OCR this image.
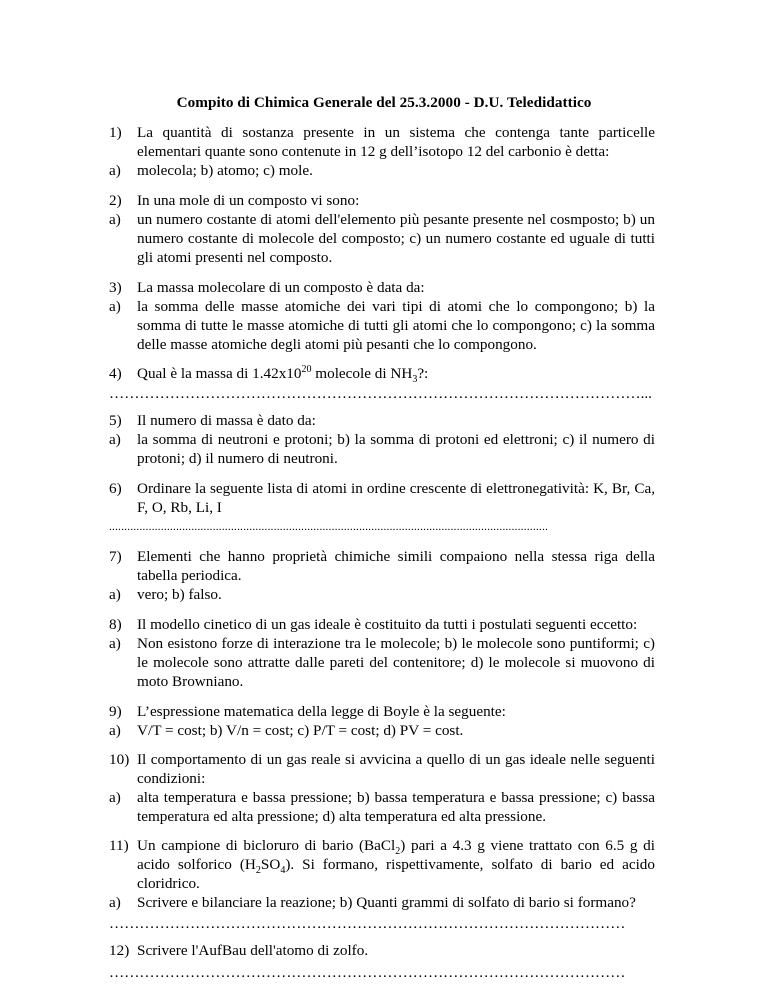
Compito di Chimica Generale del 25.3.2000 - D.U. Teledidattico
1) La quantità di sostanza presente in un sistema che contenga tante particelle elementari quante sono contenute in 12 g dell’isotopo 12 del carbonio è detta:
a) molecola; b) atomo; c) mole.
2) In una mole di un composto vi sono:
a) un numero costante di atomi dell'elemento più pesante presente nel cosmposto; b) un numero costante di molecole del composto; c) un numero costante ed uguale di tutti gli atomi presenti nel composto.
3) La massa molecolare di un composto è data da:
a) la somma delle masse atomiche dei vari tipi di atomi che lo compongono; b) la somma di tutte le masse atomiche di tutti gli atomi che lo compongono; c) la somma delle masse atomiche degli atomi più pesanti che lo compongono.
4) Qual è la massa di $1.42x10^{20}$ molecole di $NH_3$?:
……………………………………………………………………………………………...
5) Il numero di massa è dato da:
a) la somma di neutroni e protoni; b) la somma di protoni ed elettroni; c) il numero di protoni; d) il numero di neutroni.
6) Ordinare la seguente lista di atomi in ordine crescente di elettronegatività: K, Br, Ca, F, O, Rb, Li, I
................................................................................................................................................
7) Elementi che hanno proprietà chimiche simili compaiono nella stessa riga della tabella periodica.
a) vero; b) falso.
8) Il modello cinetico di un gas ideale è costituito da tutti i postulati seguenti eccetto:
a) Non esistono forze di interazione tra le molecole; b) le molecole sono puntiformi; c) le molecole sono attratte dalle pareti del contenitore; d) le molecole si muovono di moto Browniano.
9) L’espressione matematica della legge di Boyle è la seguente:
a) V/T = cost; b) V/n = cost; c) P/T = cost; d) PV = cost.
10) Il comportamento di un gas reale si avvicina a quello di un gas ideale nelle seguenti condizioni:
a) alta temperatura e bassa pressione; b) bassa temperatura e bassa pressione; c) bassa temperatura ed alta pressione; d) alta temperatura ed alta pressione.
11) Un campione di bicloruro di bario (BaCl$_2$) pari a 4.3 g viene trattato con 6.5 g di acido solforico $(H_2SO_4)$. Si formano, rispettivamente, solfato di bario ed acido cloridrico.
a) Scrivere e bilanciare la reazione; b) Quanti grammi di solfato di bario si formano?
…………………………………………………………………………………………
12) Scrivere l'AufBau dell'atomo di zolfo.
…………………………………………………………………………………………
